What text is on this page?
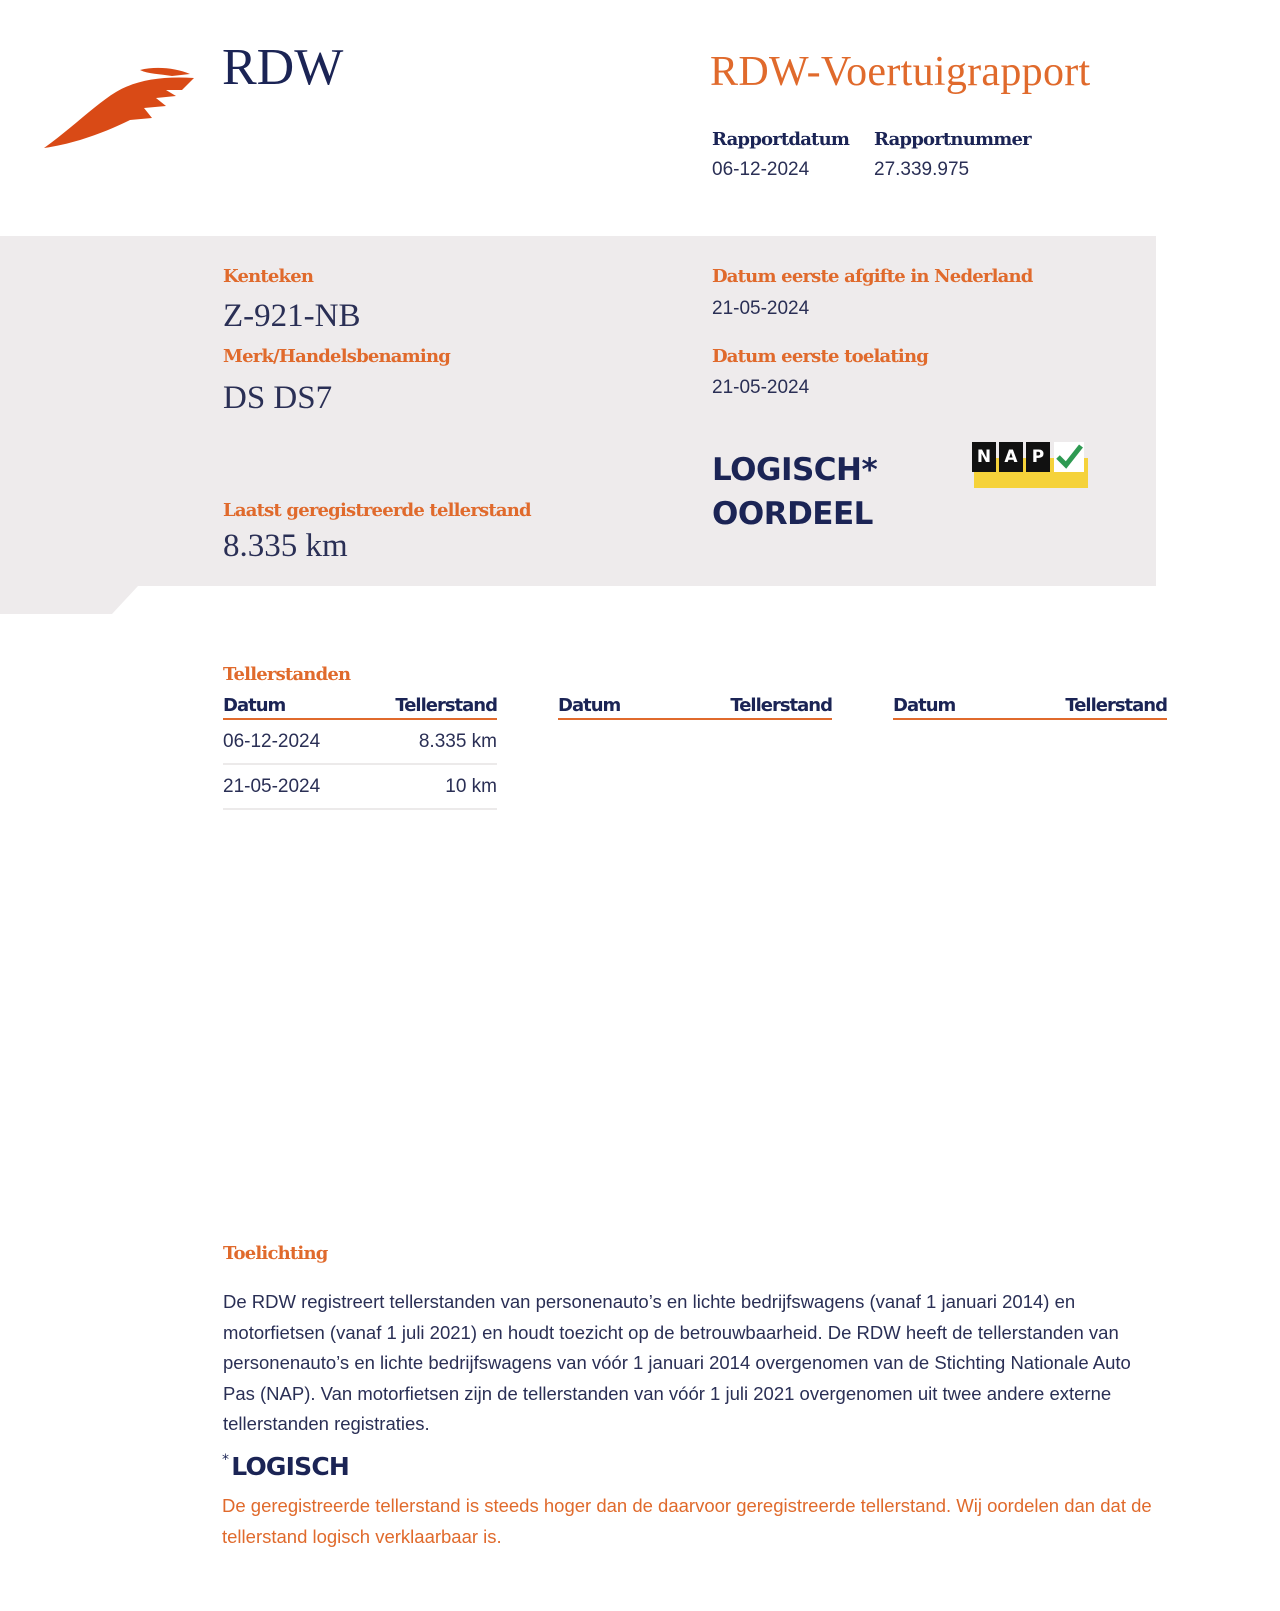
RDW	RDW-Voertuigrapport
Rapportdatum
06-12-2024
Rapportnummer
27.339.975
Kenteken
Z-921-NB
Merk/Handelsbenaming
DS DS7
Datum eerste afgifte in Nederland
21-05-2024
Datum eerste toelating
21-05-2024
LOGISCH*
OORDEEL
N A P
Laatst geregistreerde tellerstand
8.335 km
Tellerstanden
Datum	Tellerstand
06-12-2024	8.335 km
21-05-2024	10 km
Datum	Tellerstand	Datum	Tellerstand
Toelichting
De RDW registreert tellerstanden van personenauto’s en lichte bedrijfswagens (vanaf 1 januari 2014) en motorfietsen (vanaf 1 juli 2021) en houdt toezicht op de betrouwbaarheid. De RDW heeft de tellerstanden van personenauto’s en lichte bedrijfswagens van vóór 1 januari 2014 overgenomen van de Stichting Nationale Auto Pas (NAP). Van motorfietsen zijn de tellerstanden van vóór 1 juli 2021 overgenomen uit twee andere externe tellerstanden registraties.
* LOGISCH
De geregistreerde tellerstand is steeds hoger dan de daarvoor geregistreerde tellerstand. Wij oordelen dan dat de tellerstand logisch verklaarbaar is.
